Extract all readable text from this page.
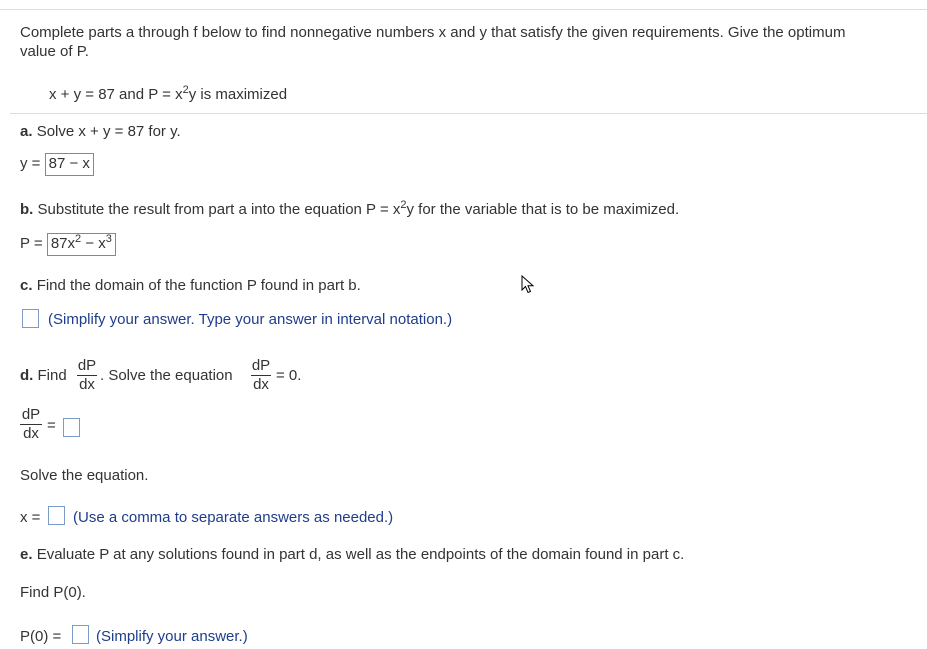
Complete parts a through f below to find nonnegative numbers x and y that satisfy the given requirements. Give the optimum
value of P.
x + y = 87 and $P = x^2y$ is maximized
a. Solve x + y = 87 for y.
y = 87 − x
b. Substitute the result from part a into the equation $P = x^2y$ for the variable that is to be maximized.
$P = 87x^2 - x^3$
c. Find the domain of the function P found in part b.
(Simplify your answer. Type your answer in interval notation.)
d. Find
dP
dx
. Solve the equation
dP
dx
= 0.
dP
dx =
Solve the equation.
x = (Use a comma to separate answers as needed.)
e. Evaluate P at any solutions found in part d, as well as the endpoints of the domain found in part c.
Find P(0).
P(0) = (Simplify your answer.)
